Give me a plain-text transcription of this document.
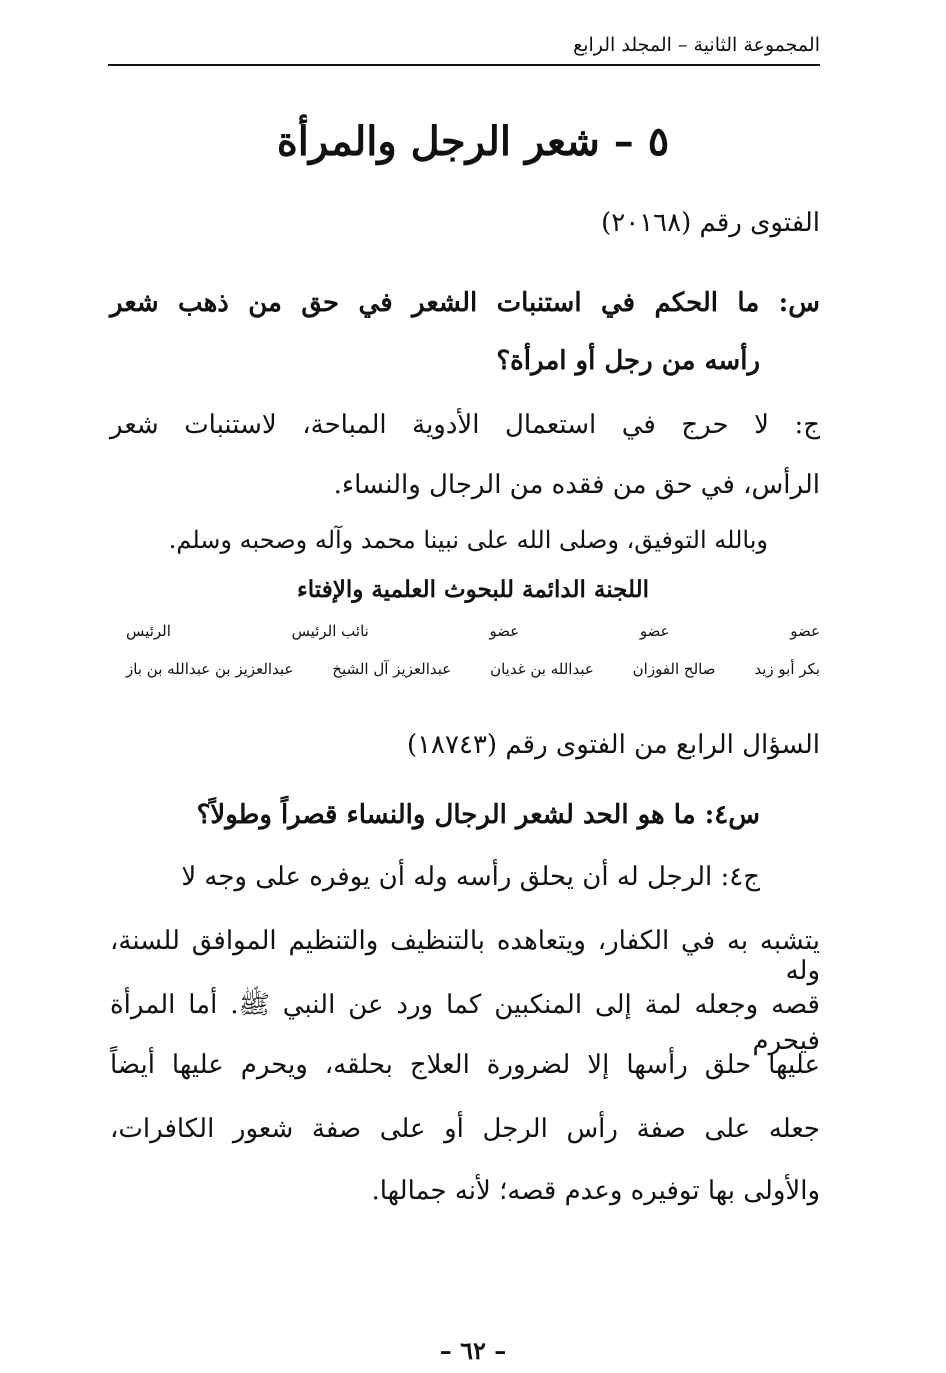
المجموعة الثانية – المجلد الرابع
٥ – شعر الرجل والمرأة
الفتوى رقم (٢٠١٦٨)
س: ما الحكم في استنبات الشعر في حق من ذهب شعر
رأسه من رجل أو امرأة؟
ج: لا حرج في استعمال الأدوية المباحة، لاستنبات شعر
الرأس، في حق من فقده من الرجال والنساء.
وبالله التوفيق، وصلى الله على نبينا محمد وآله وصحبه وسلم.
اللجنة الدائمة للبحوث العلمية والإفتاء
عضو
عضو
عضو
نائب الرئيس
الرئيس
بكر أبو زيد
صالح الفوزان
عبدالله بن غديان
عبدالعزيز آل الشيخ
عبدالعزيز بن عبدالله بن باز
السؤال الرابع من الفتوى رقم (١٨٧٤٣)
س٤: ما هو الحد لشعر الرجال والنساء قصراً وطولاً؟
ج٤: الرجل له أن يحلق رأسه وله أن يوفره على وجه لا
يتشبه به في الكفار، ويتعاهده بالتنظيف والتنظيم الموافق للسنة، وله
قصه وجعله لمة إلى المنكبين كما ورد عن النبي ﷺ. أما المرأة فيحرم
عليها حلق رأسها إلا لضرورة العلاج بحلقه، ويحرم عليها أيضاً
جعله على صفة رأس الرجل أو على صفة شعور الكافرات،
والأولى بها توفيره وعدم قصه؛ لأنه جمالها.
– ٦٢ –
